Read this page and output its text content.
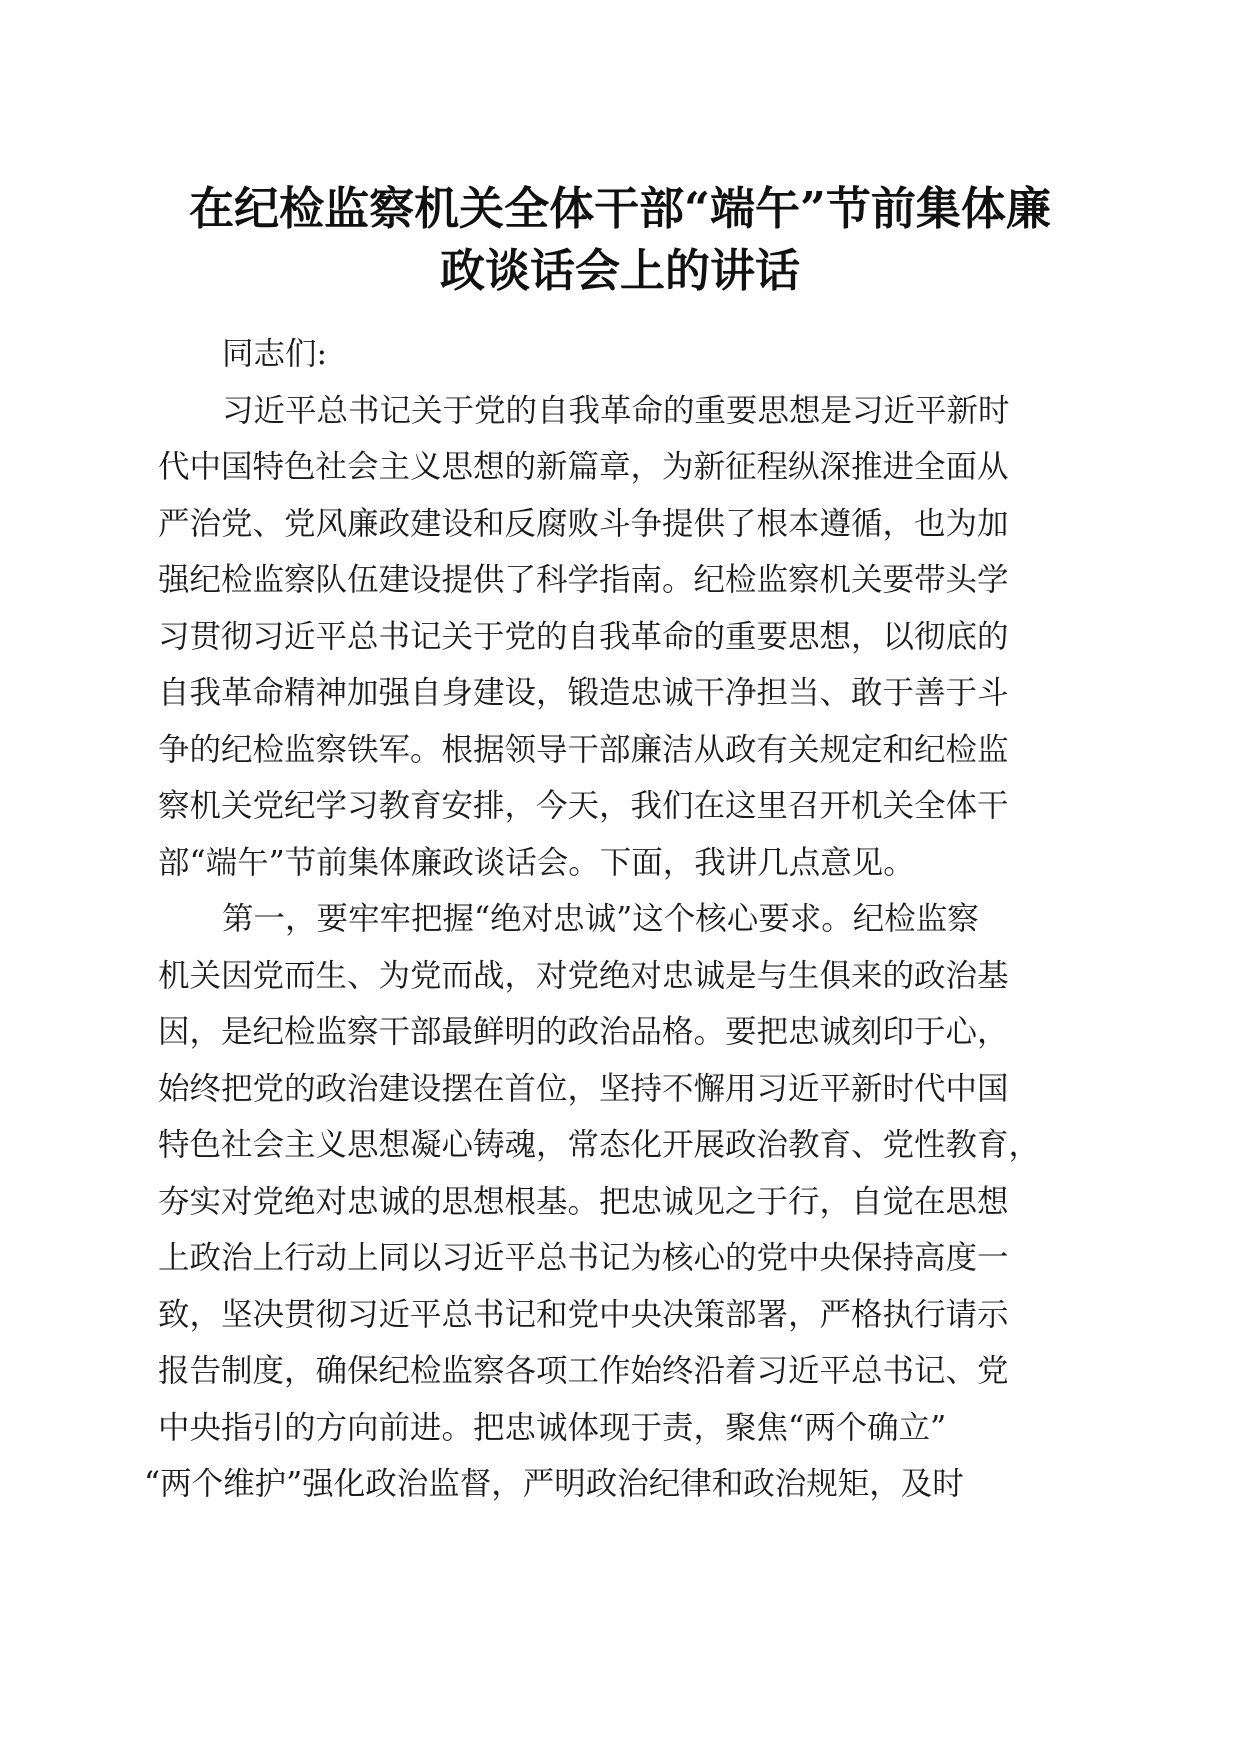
在纪检监察机关全体干部“端午”节前集体廉
政谈话会上的讲话
同志们:
习近平总书记关于党的自我革命的重要思想是习近平新时
代中国特色社会主义思想的新篇章，为新征程纵深推进全面从
严治党、党风廉政建设和反腐败斗争提供了根本遵循，也为加
强纪检监察队伍建设提供了科学指南。纪检监察机关要带头学
习贯彻习近平总书记关于党的自我革命的重要思想，以彻底的
自我革命精神加强自身建设，锻造忠诚干净担当、敢于善于斗
争的纪检监察铁军。根据领导干部廉洁从政有关规定和纪检监
察机关党纪学习教育安排，今天，我们在这里召开机关全体干
部“端午”节前集体廉政谈话会。下面，我讲几点意见。
第一，要牢牢把握“绝对忠诚”这个核心要求。纪检监察
机关因党而生、为党而战，对党绝对忠诚是与生俱来的政治基
因，是纪检监察干部最鲜明的政治品格。要把忠诚刻印于心，
始终把党的政治建设摆在首位，坚持不懈用习近平新时代中国
特色社会主义思想凝心铸魂，常态化开展政治教育、党性教育，
夯实对党绝对忠诚的思想根基。把忠诚见之于行，自觉在思想
上政治上行动上同以习近平总书记为核心的党中央保持高度一
致，坚决贯彻习近平总书记和党中央决策部署，严格执行请示
报告制度，确保纪检监察各项工作始终沿着习近平总书记、党
中央指引的方向前进。把忠诚体现于责，聚焦“两个确立”
“两个维护”强化政治监督，严明政治纪律和政治规矩，及时
